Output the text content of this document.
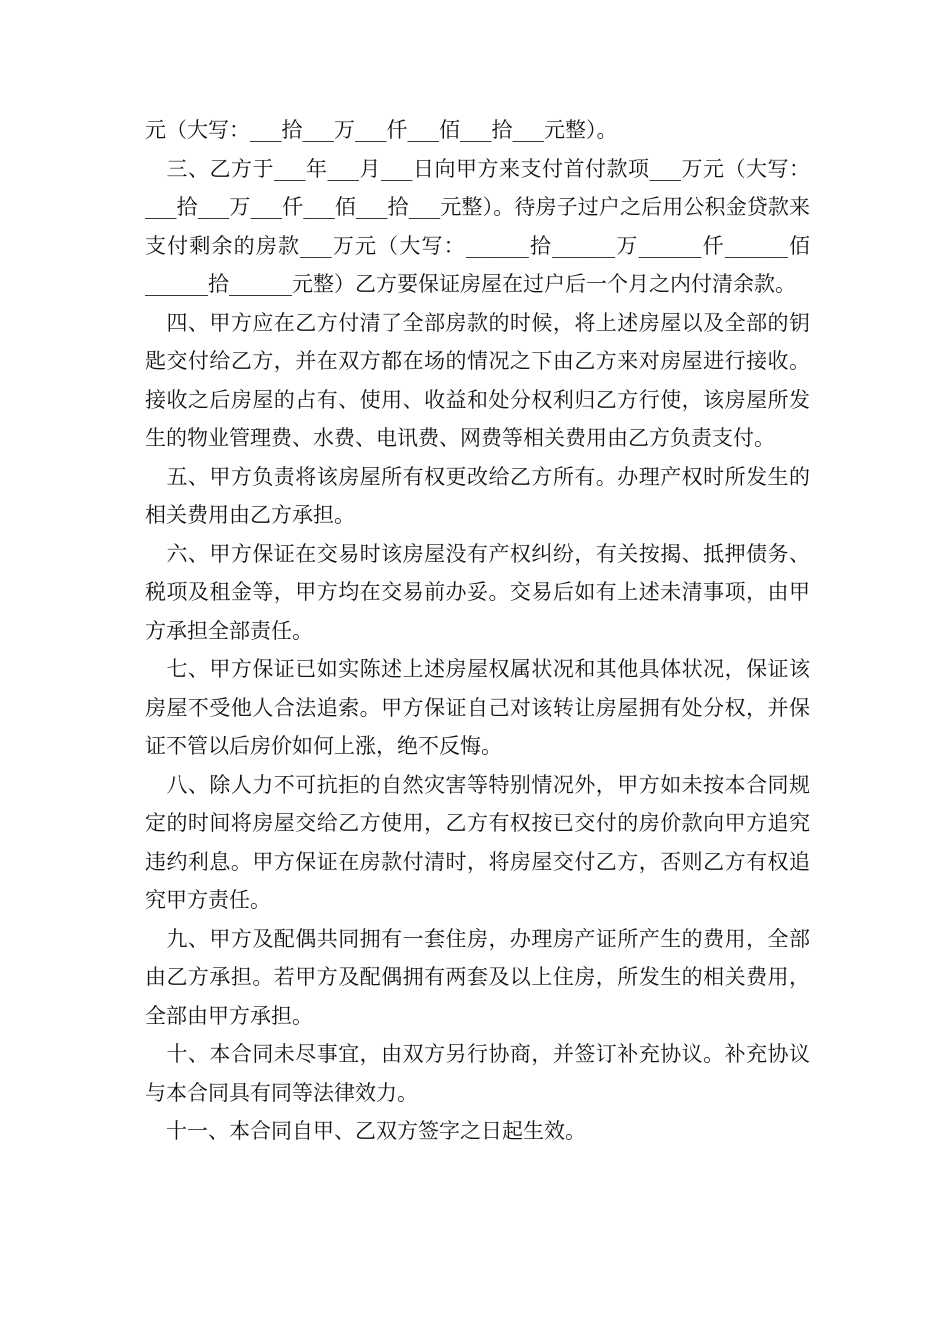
元（大写：___拾___万___仟___佰___拾___元整）。

　三、乙方于___年___月___日向甲方来支付首付款项___万元（大写：___拾___万___仟___佰___拾___元整）。待房子过户之后用公积金贷款来支付剩余的房款___万元（大写：______拾______万______仟______佰______拾______元整）乙方要保证房屋在过户后一个月之内付清余款。

　四、甲方应在乙方付清了全部房款的时候，将上述房屋以及全部的钥匙交付给乙方，并在双方都在场的情况之下由乙方来对房屋进行接收。接收之后房屋的占有、使用、收益和处分权利归乙方行使，该房屋所发生的物业管理费、水费、电讯费、网费等相关费用由乙方负责支付。

　五、甲方负责将该房屋所有权更改给乙方所有。办理产权时所发生的相关费用由乙方承担。

　六、甲方保证在交易时该房屋没有产权纠纷，有关按揭、抵押债务、税项及租金等，甲方均在交易前办妥。交易后如有上述未清事项，由甲方承担全部责任。

　七、甲方保证已如实陈述上述房屋权属状况和其他具体状况，保证该房屋不受他人合法追索。甲方保证自己对该转让房屋拥有处分权，并保证不管以后房价如何上涨，绝不反悔。

　八、除人力不可抗拒的自然灾害等特别情况外，甲方如未按本合同规定的时间将房屋交给乙方使用，乙方有权按已交付的房价款向甲方追究违约利息。甲方保证在房款付清时，将房屋交付乙方，否则乙方有权追究甲方责任。

　九、甲方及配偶共同拥有一套住房，办理房产证所产生的费用，全部由乙方承担。若甲方及配偶拥有两套及以上住房，所发生的相关费用，全部由甲方承担。

　十、本合同未尽事宜，由双方另行协商，并签订补充协议。补充协议与本合同具有同等法律效力。

　十一、本合同自甲、乙双方签字之日起生效。
